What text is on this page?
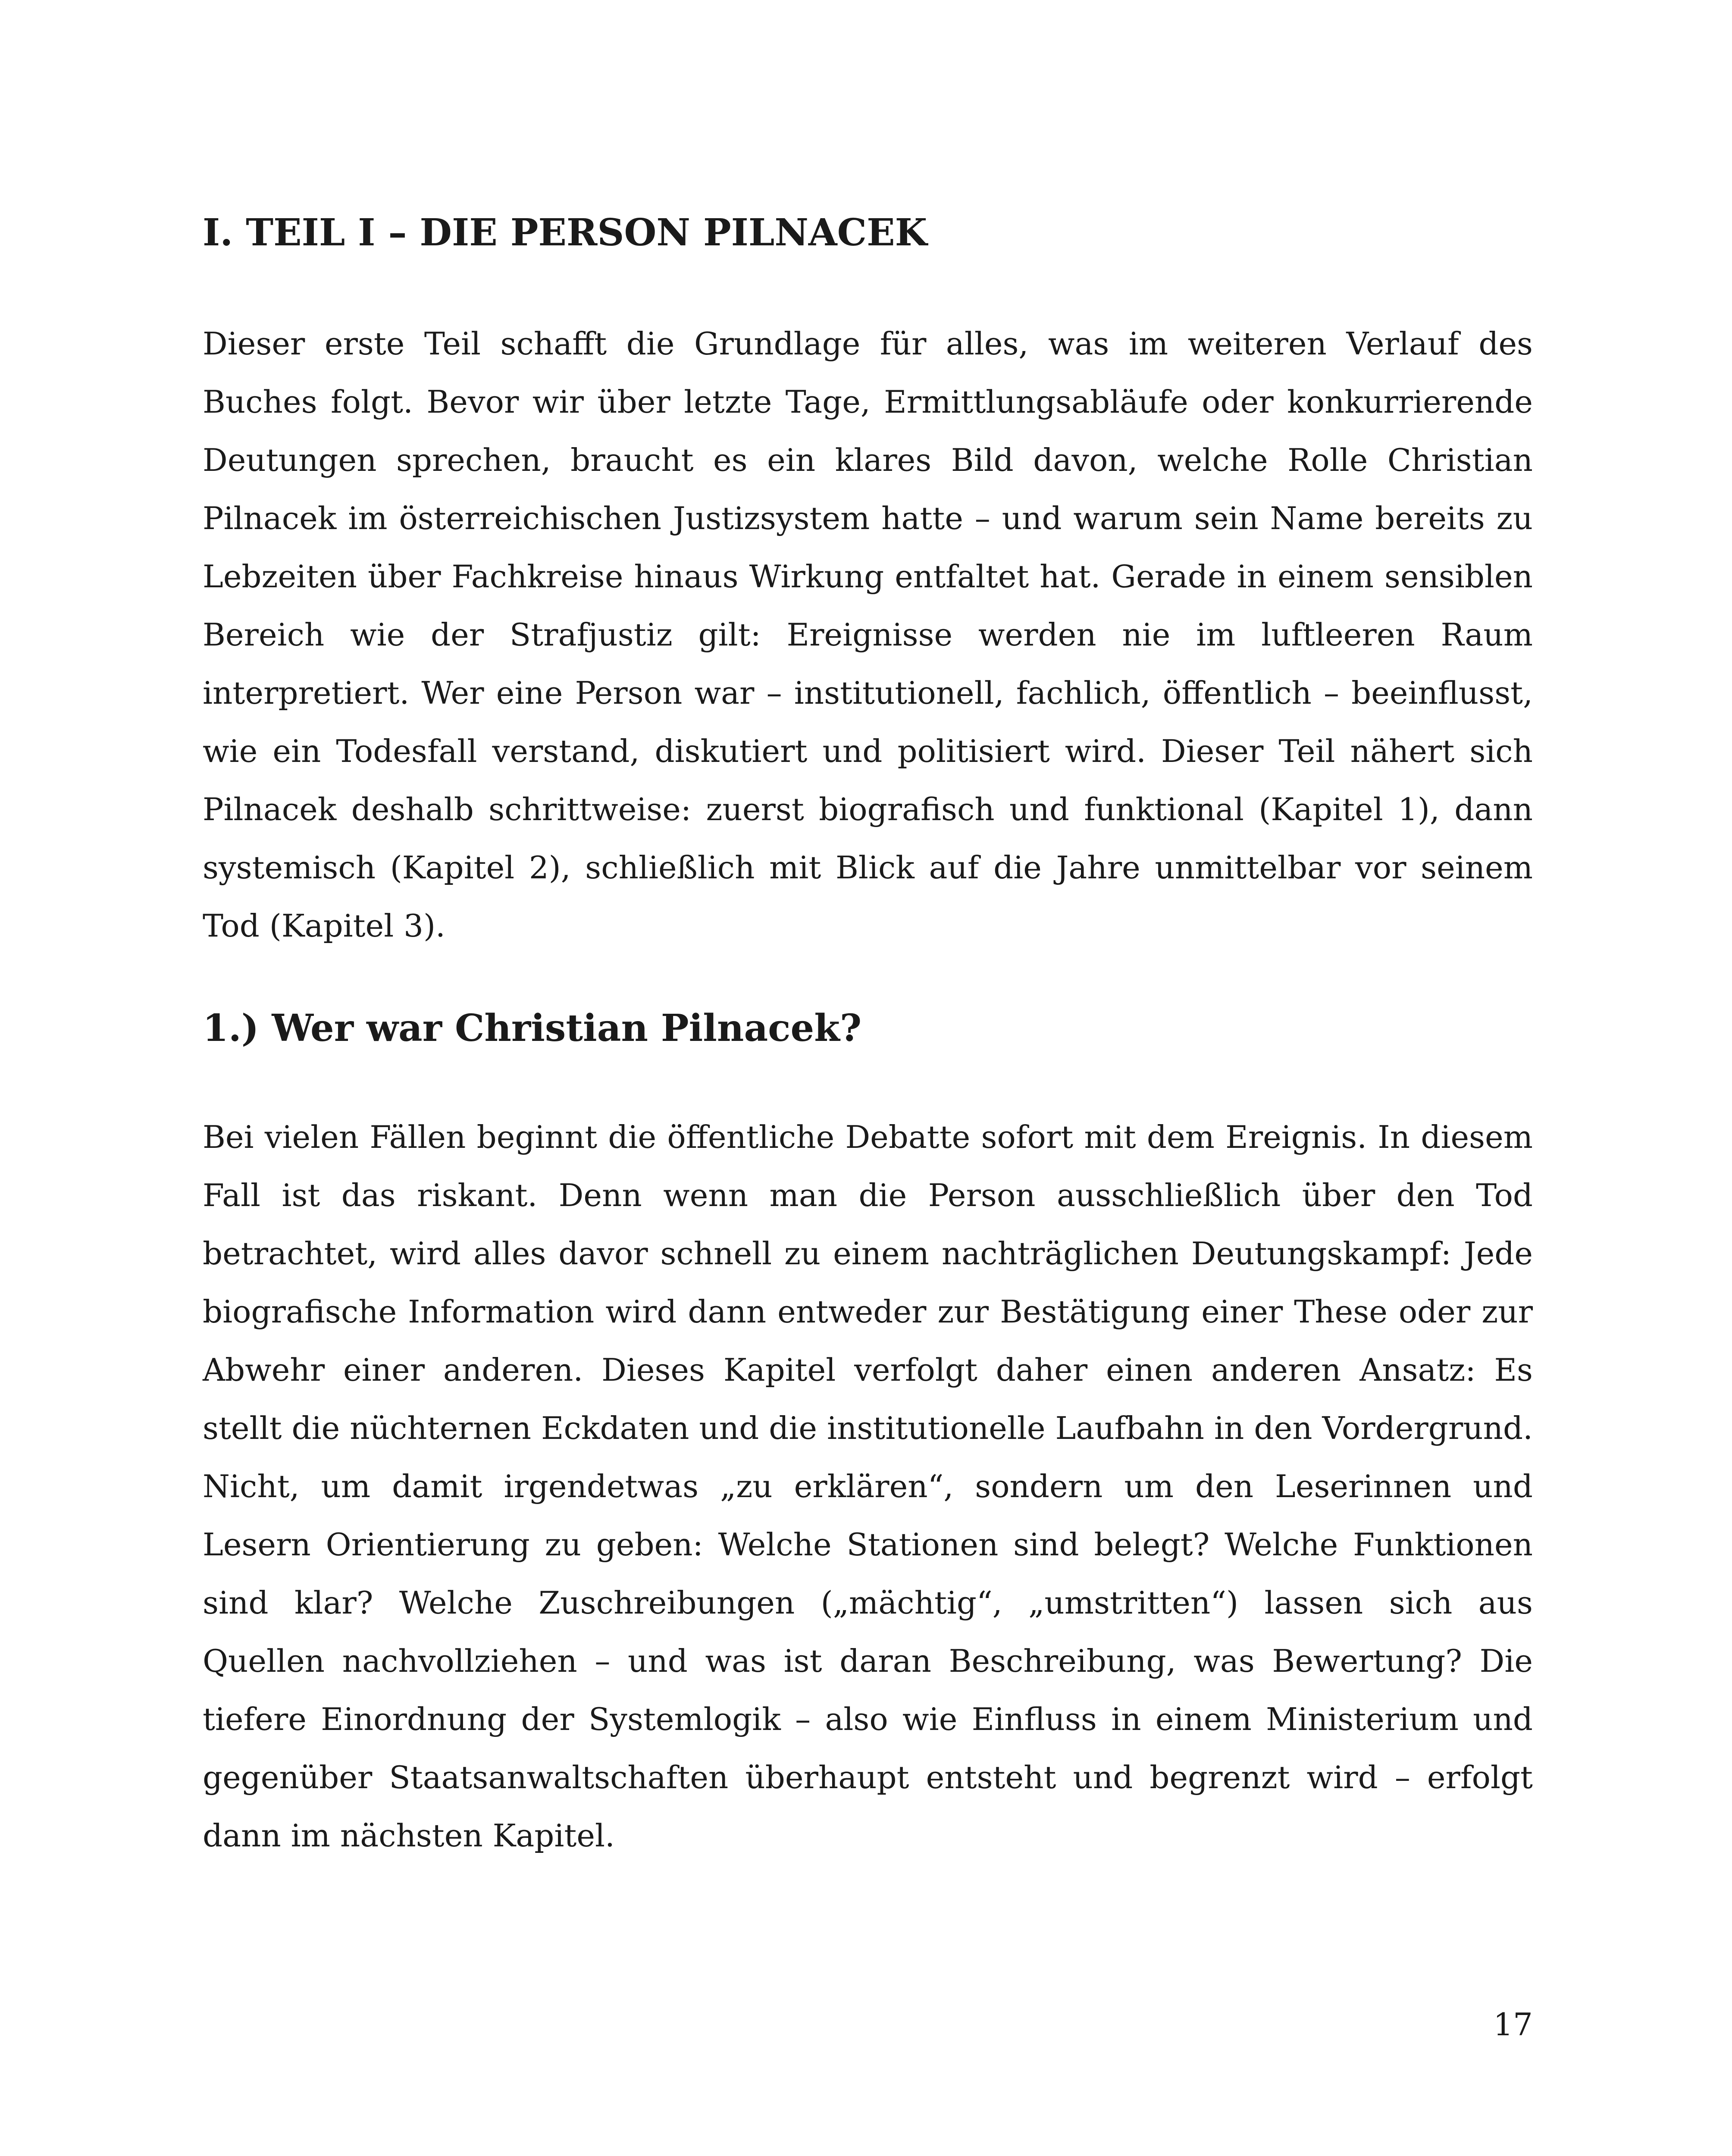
I. TEIL I – DIE PERSON PILNACEK

Dieser erste Teil schafft die Grundlage für alles, was im weiteren Verlauf des Buches folgt. Bevor wir über letzte Tage, Ermittlungsabläufe oder konkurrierende Deutungen sprechen, braucht es ein klares Bild davon, welche Rolle Christian Pilnacek im österreichischen Justizsystem hatte – und warum sein Name bereits zu Lebzeiten über Fachkreise hinaus Wirkung entfaltet hat. Gerade in einem sensiblen Bereich wie der Strafjustiz gilt: Ereignisse werden nie im luftleeren Raum interpretiert. Wer eine Person war – institutionell, fachlich, öffentlich – beeinflusst, wie ein Todesfall verstand, diskutiert und politisiert wird. Dieser Teil nähert sich Pilnacek deshalb schrittweise: zuerst biografisch und funktional (Kapitel 1), dann systemisch (Kapitel 2), schließlich mit Blick auf die Jahre unmittelbar vor seinem Tod (Kapitel 3).

1.) Wer war Christian Pilnacek?

Bei vielen Fällen beginnt die öffentliche Debatte sofort mit dem Ereignis. In diesem Fall ist das riskant. Denn wenn man die Person ausschließlich über den Tod betrachtet, wird alles davor schnell zu einem nachträglichen Deutungskampf: Jede biografische Information wird dann entweder zur Bestätigung einer These oder zur Abwehr einer anderen. Dieses Kapitel verfolgt daher einen anderen Ansatz: Es stellt die nüchternen Eckdaten und die institutionelle Laufbahn in den Vordergrund. Nicht, um damit irgendetwas „zu erklären“, sondern um den Leserinnen und Lesern Orientierung zu geben: Welche Stationen sind belegt? Welche Funktionen sind klar? Welche Zuschreibungen („mächtig“, „umstritten“) lassen sich aus Quellen nachvollziehen – und was ist daran Beschreibung, was Bewertung? Die tiefere Einordnung der Systemlogik – also wie Einfluss in einem Ministerium und gegenüber Staatsanwaltschaften überhaupt entsteht und begrenzt wird – erfolgt dann im nächsten Kapitel.

17
